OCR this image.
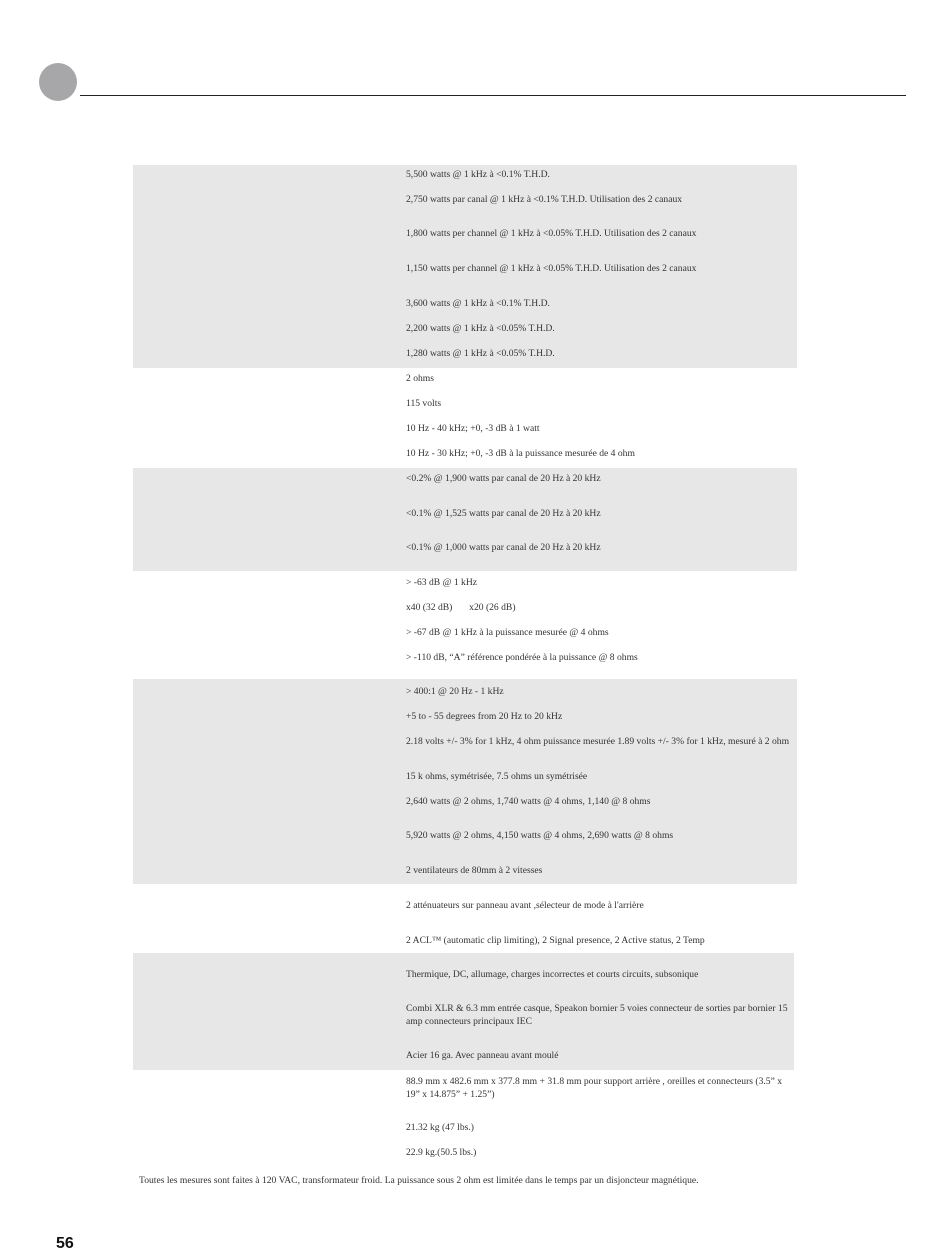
5,500 watts @ 1 kHz à <0.1% T.H.D.
2,750 watts par canal @ 1 kHz à <0.1% T.H.D. Utilisation des 2 canaux
1,800 watts per channel @ 1 kHz à <0.05% T.H.D. Utilisation des 2 canaux
1,150 watts per channel @ 1 kHz à <0.05% T.H.D. Utilisation des 2 canaux
3,600 watts @ 1 kHz à <0.1% T.H.D.
2,200 watts @ 1 kHz à <0.05% T.H.D.
1,280 watts @ 1 kHz à <0.05% T.H.D.
2 ohms
115 volts
10 Hz - 40 kHz; +0, -3 dB à 1 watt
10 Hz - 30 kHz; +0, -3 dB à la puissance mesurée de 4 ohm
<0.2% @ 1,900 watts par canal de 20 Hz à 20 kHz
<0.1% @ 1,525 watts par canal de 20 Hz à 20 kHz
<0.1% @ 1,000 watts par canal de 20 Hz à 20 kHz
> -63 dB @ 1 kHz
x40 (32 dB)       x20 (26 dB)
> -67 dB @ 1 kHz à la puissance mesurée @ 4 ohms
> -110 dB, “A” référence pondérée à la puissance @ 8 ohms
> 400:1 @ 20 Hz - 1 kHz
+5 to - 55 degrees from 20 Hz to 20 kHz
2.18 volts +/- 3% for 1 kHz, 4 ohm puissance mesurée 1.89 volts +/- 3% for 1 kHz, mesuré à 2 ohm
15 k ohms, symétrisée, 7.5 ohms un symétrisée
2,640 watts @ 2 ohms, 1,740 watts @ 4 ohms, 1,140 @ 8 ohms
5,920 watts @ 2 ohms, 4,150 watts @ 4 ohms, 2,690 watts @ 8 ohms
2 ventilateurs de 80mm à 2 vitesses
2 atténuateurs sur panneau avant ,sélecteur de mode à l'arrière
2 ACL™ (automatic clip limiting), 2 Signal presence, 2 Active status, 2 Temp
Thermique, DC, allumage, charges incorrectes et courts circuits, subsonique
Combi XLR & 6.3 mm entrée casque, Speakon bornier 5 voies connecteur de sorties par bornier 15 amp connecteurs principaux IEC
Acier 16 ga. Avec panneau avant moulé
88.9 mm x 482.6 mm x 377.8 mm + 31.8 mm pour support arrière , oreilles et connecteurs (3.5” x 19” x 14.875” + 1.25”)
21.32 kg (47 lbs.)
22.9 kg.(50.5 lbs.)
Toutes les mesures sont faites à 120 VAC, transformateur froid. La puissance sous 2 ohm est limitée dans le temps par un disjoncteur magnétique.
56
